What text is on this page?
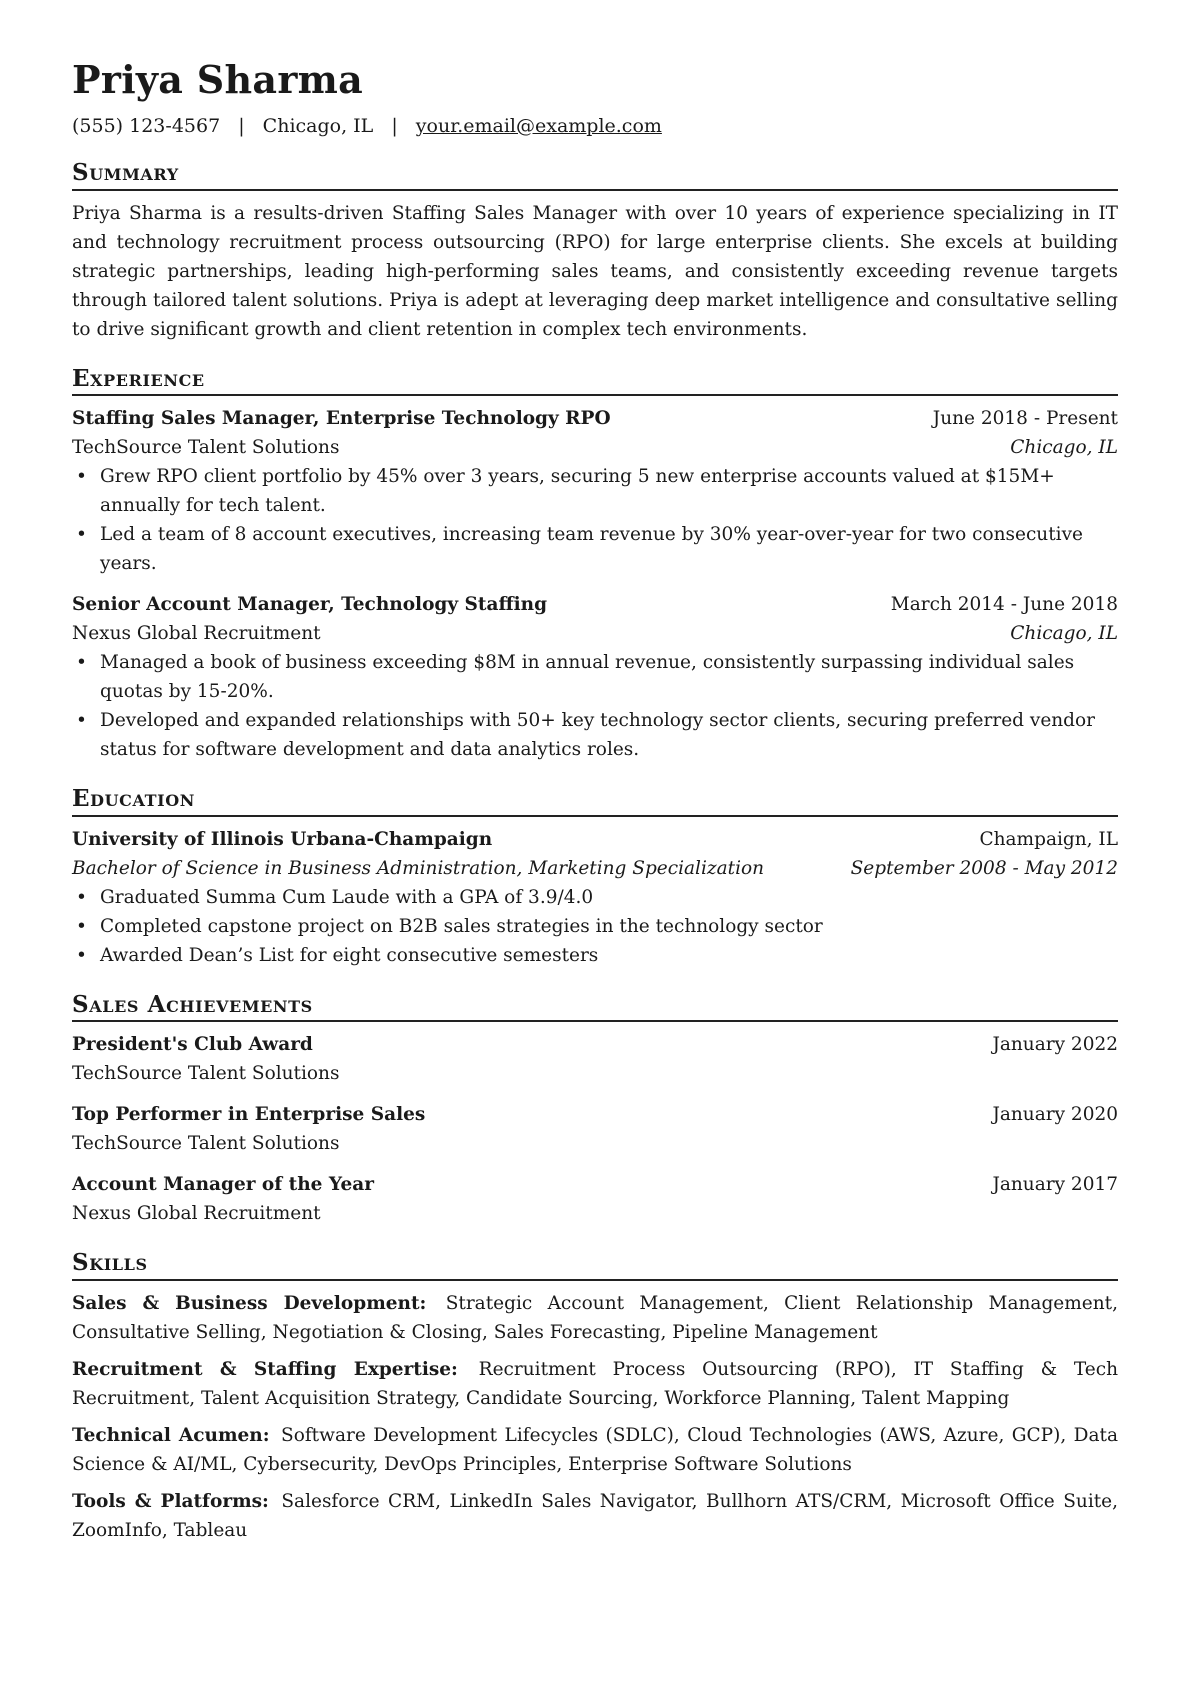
Priya Sharma
(555) 123-4567 | Chicago, IL | your.email@example.com
Summary

Priya Sharma is a results-driven Staffing Sales Manager with over 10 years of experience specializing in IT and technology recruitment process outsourcing (RPO) for large enterprise clients. She excels at building strategic partnerships, leading high-performing sales teams, and consistently exceeding revenue targets through tailored talent solutions. Priya is adept at leveraging deep market intelligence and consultative selling to drive significant growth and client retention in complex tech environments.

Experience
Staffing Sales Manager, Enterprise Technology RPO	June 2018 - Present
TechSource Talent Solutions	Chicago, IL
• Grew RPO client portfolio by 45% over 3 years, securing 5 new enterprise accounts valued at $15M+ annually for tech talent.
• Led a team of 8 account executives, increasing team revenue by 30% year-over-year for two consecutive years.
Senior Account Manager, Technology Staffing	March 2014 - June 2018
Nexus Global Recruitment	Chicago, IL
• Managed a book of business exceeding $8M in annual revenue, consistently surpassing individual sales quotas by 15-20%.
• Developed and expanded relationships with 50+ key technology sector clients, securing preferred vendor status for software development and data analytics roles.
Education
University of Illinois Urbana-Champaign	Champaign, IL
Bachelor of Science in Business Administration, Marketing Specialization	September 2008 - May 2012
• Graduated Summa Cum Laude with a GPA of 3.9/4.0
• Completed capstone project on B2B sales strategies in the technology sector
• Awarded Dean’s List for eight consecutive semesters
Sales Achievements
President's Club Award	January 2022
TechSource Talent Solutions
Top Performer in Enterprise Sales	January 2020
TechSource Talent Solutions
Account Manager of the Year	January 2017
Nexus Global Recruitment
Skills

Sales & Business Development: Strategic Account Management, Client Relationship Management, Consultative Selling, Negotiation & Closing, Sales Forecasting, Pipeline Management

Recruitment & Staffing Expertise: Recruitment Process Outsourcing (RPO), IT Staffing & Tech Recruitment, Talent Acquisition Strategy, Candidate Sourcing, Workforce Planning, Talent Mapping

Technical Acumen: Software Development Lifecycles (SDLC), Cloud Technologies (AWS, Azure, GCP), Data Science & AI/ML, Cybersecurity, DevOps Principles, Enterprise Software Solutions

Tools & Platforms: Salesforce CRM, LinkedIn Sales Navigator, Bullhorn ATS/CRM, Microsoft Office Suite, ZoomInfo, Tableau
